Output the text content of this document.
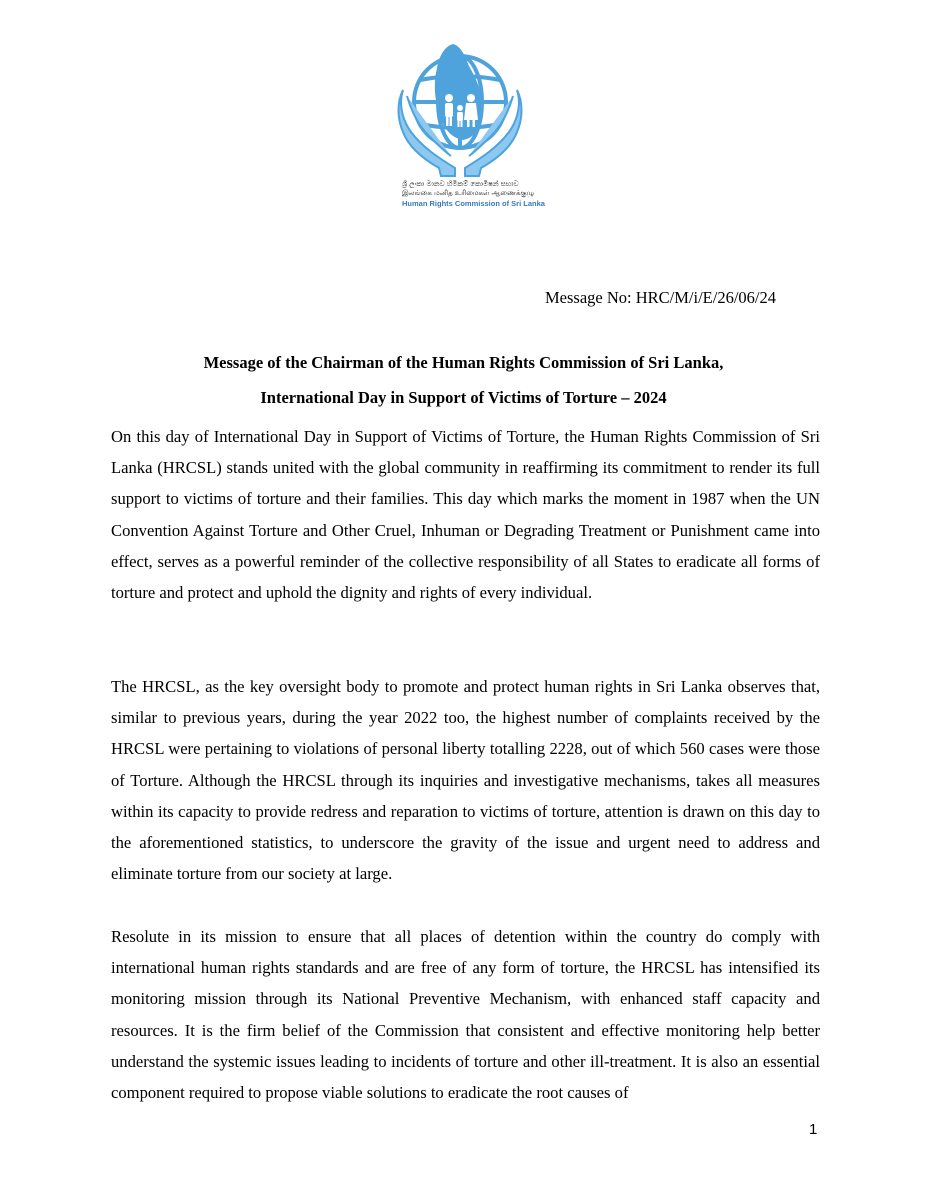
ශ්‍රී ලංකා මානව හිමිකම් කොමිෂන් සභාව
இலங்கை மனித உரிமைகள் ஆணைக்குழு
Human Rights Commission of Sri Lanka
Message No: HRC/M/i/E/26/06/24
Message of the Chairman of the Human Rights Commission of Sri Lanka,
International Day in Support of Victims of Torture – 2024

On this day of International Day in Support of Victims of Torture, the Human Rights Commission of Sri Lanka (HRCSL) stands united with the global community in reaffirming its commitment to render its full support to victims of torture and their families. This day which marks the moment in 1987 when the UN Convention Against Torture and Other Cruel, Inhuman or Degrading Treatment or Punishment came into effect, serves as a powerful reminder of the collective responsibility of all States to eradicate all forms of torture and protect and uphold the dignity and rights of every individual.

The HRCSL, as the key oversight body to promote and protect human rights in Sri Lanka observes that, similar to previous years, during the year 2022 too, the highest number of complaints received by the HRCSL were pertaining to violations of personal liberty totalling 2228, out of which 560 cases were those of Torture. Although the HRCSL through its inquiries and investigative mechanisms, takes all measures within its capacity to provide redress and reparation to victims of torture, attention is drawn on this day to the aforementioned statistics, to underscore the gravity of the issue and urgent need to address and eliminate torture from our society at large.

Resolute in its mission to ensure that all places of detention within the country do comply with international human rights standards and are free of any form of torture, the HRCSL has intensified its monitoring mission through its National Preventive Mechanism, with enhanced staff capacity and resources. It is the firm belief of the Commission that consistent and effective monitoring help better understand the systemic issues leading to incidents of torture and other ill-treatment. It is also an essential component required to propose viable solutions to eradicate the root causes of

1
